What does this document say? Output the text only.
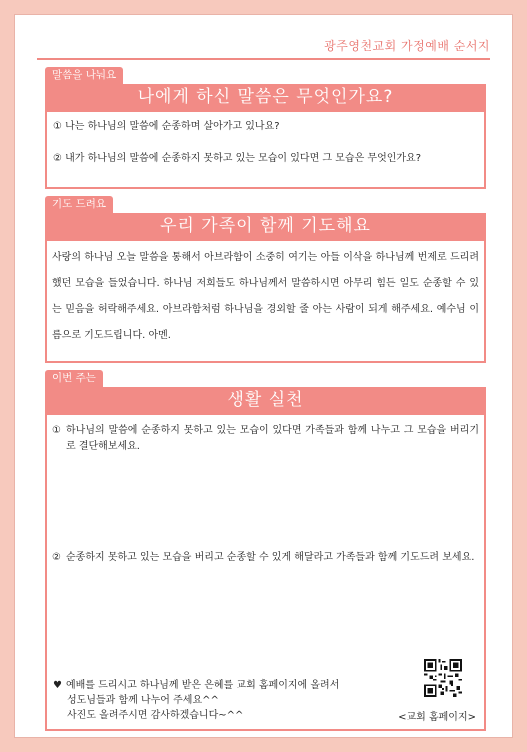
광주영천교회 가정예배 순서지
말씀을 나눠요
나에게 하신 말씀은 무엇인가요?
① 나는 하나님의 말씀에 순종하며 살아가고 있나요?
② 내가 하나님의 말씀에 순종하지 못하고 있는 모습이 있다면 그 모습은 무엇인가요?
기도 드려요
우리 가족이 함께 기도해요
사랑의 하나님 오늘 말씀을 통해서 아브라함이 소중히 여기는 아들 이삭을 하나님께 번제로 드리려 했던 모습을 들었습니다. 하나님 저희들도 하나님께서 말씀하시면 아무리 힘든 일도 순종할 수 있는 믿음을 허락해주세요. 아브라함처럼 하나님을 경외할 줄 아는 사람이 되게 해주세요. 예수님 이름으로 기도드립니다. 아멘.
이번 주는
생활 실천
① 하나님의 말씀에 순종하지 못하고 있는 모습이 있다면 가족들과 함께 나누고 그 모습을 버리기로 결단해보세요.
② 순종하지 못하고 있는 모습을 버리고 순종할 수 있게 해달라고 가족들과 함께 기도드려 보세요.
♥ 예배를 드리시고 하나님께 받은 은혜를 교회 홈페이지에 올려서
성도님들과 함께 나누어 주세요^^
사진도 올려주시면 감사하겠습니다~^^	<교회 홈페이지>
